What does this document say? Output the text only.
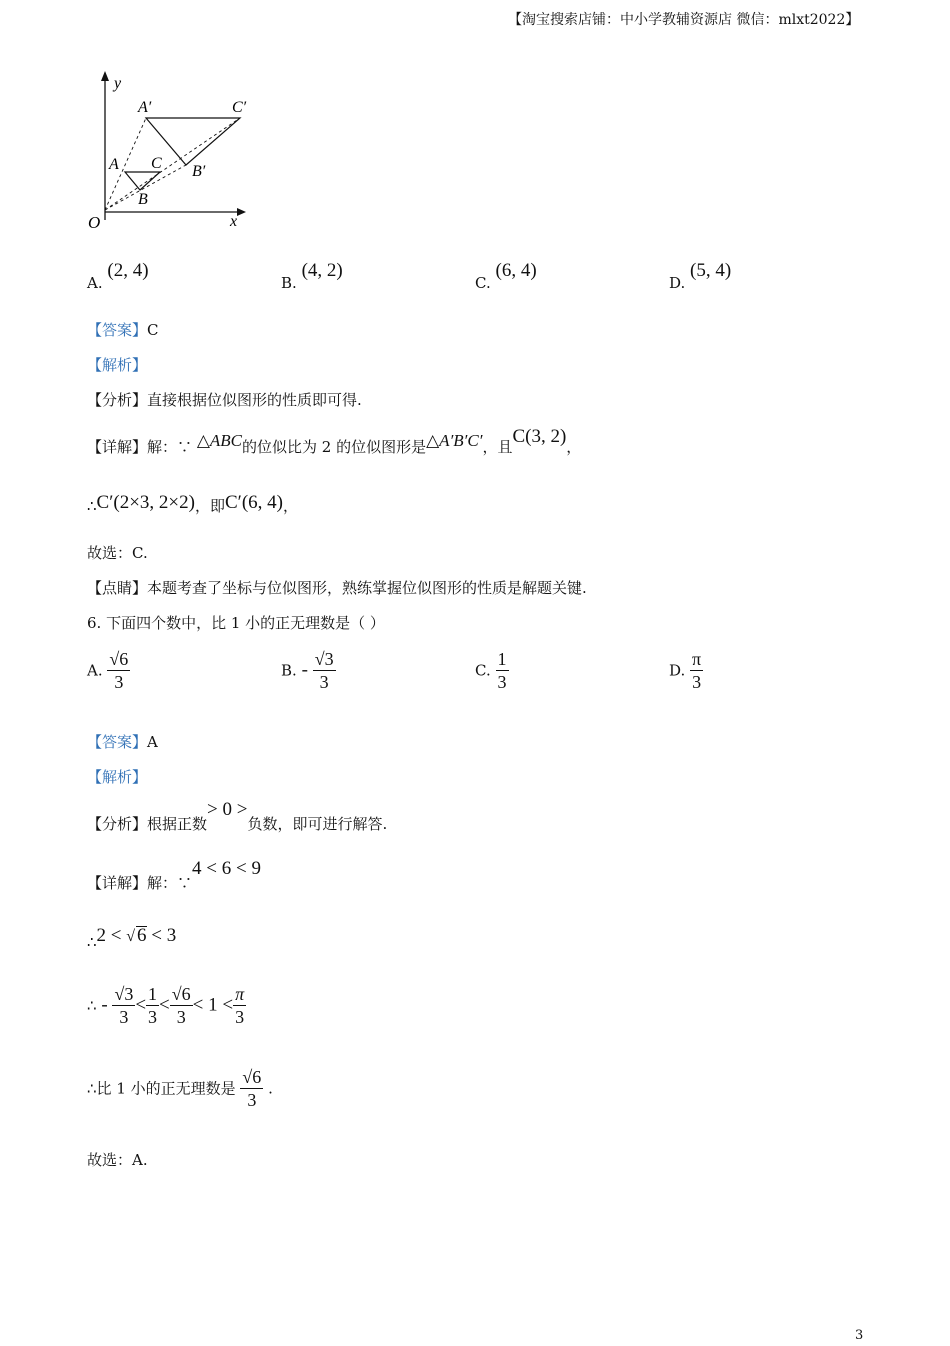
【淘宝搜索店铺：中小学教辅资源店 微信：mlxt2022】
y
x
O
A C
B
A′	C′
B′
A. (2, 4)
B. (4, 2)
C. (6, 4)
D. (5, 4)
【答案】C
【解析】
【分析】直接根据位似图形的性质即可得.
【详解】解：∵ △ABC的位似比为 2 的位似图形是△A′B′C′，且C(3, 2)，
∴C′(2×3, 2×2)，即C′(6, 4)，
故选：C.
【点睛】本题考查了坐标与位似图形，熟练掌握位似图形的性质是解题关键.
6. 下面四个数中，比 1 小的正无理数是（ ）
A. $\frac{√6}{3}$	B. - $\frac{√3}{3}$	C. $\frac{1}{3}$	D. $\frac{\pi}{3}$
【答案】A
【解析】
【分析】根据正数> 0 >负数，即可进行解答.
【详解】解：∵4 < 6 < 9
∴2 < √ 6 < 3
∴ - $\frac{√3}{3} < \frac{1}{3} < \frac{√6}{3} < 1 < \frac{\pi}{3}$
∴比 1 小的正无理数是 $\frac{√6}{3}$ .
故选：A.
3
